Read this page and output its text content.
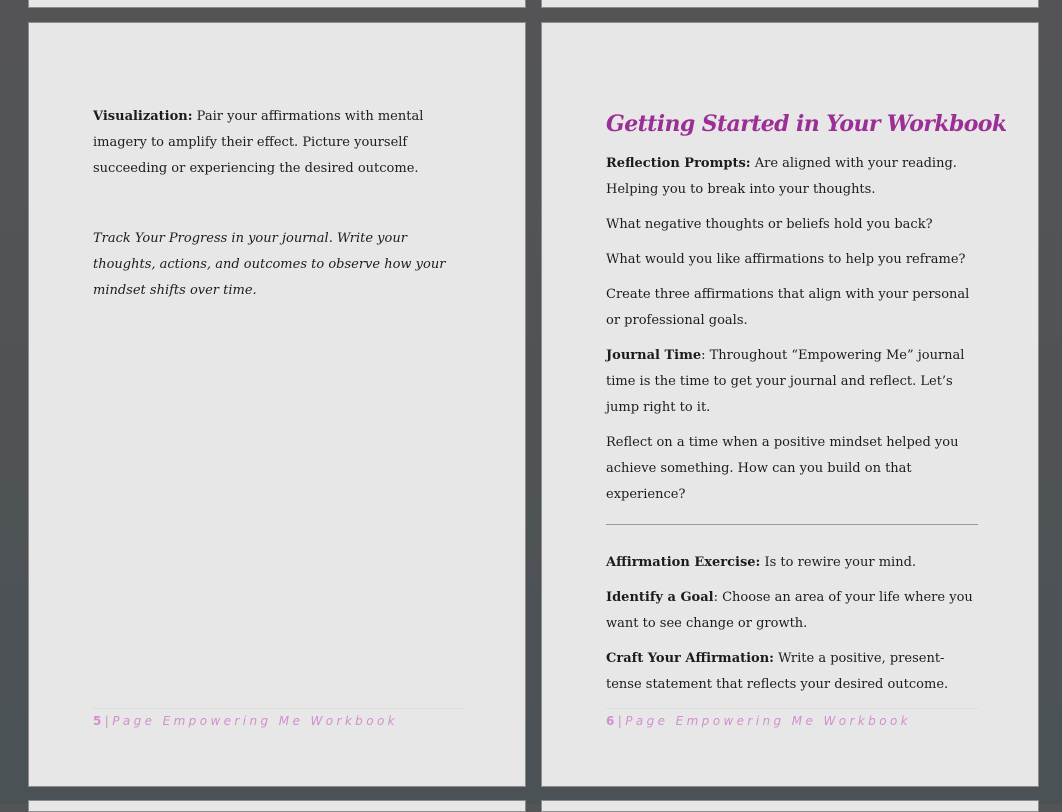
Visualization: Pair your affirmations with mental imagery to amplify their effect. Picture yourself succeeding or experiencing the desired outcome.

Track Your Progress in your journal. Write your thoughts, actions, and outcomes to observe how your mindset shifts over time.

5|Page Empowering Me Workbook
Getting Started in Your Workbook

Reflection Prompts: Are aligned with your reading. Helping you to break into your thoughts.

What negative thoughts or beliefs hold you back?

What would you like affirmations to help you reframe?

Create three affirmations that align with your personal or professional goals.

Journal Time: Throughout “Empowering Me” journal time is the time to get your journal and reflect. Let’s jump right to it.

Reflect on a time when a positive mindset helped you achieve something. How can you build on that experience?

Affirmation Exercise: Is to rewire your mind.

Identify a Goal: Choose an area of your life where you want to see change or growth.

Craft Your Affirmation: Write a positive, present-tense statement that reflects your desired outcome.

6|Page Empowering Me Workbook
